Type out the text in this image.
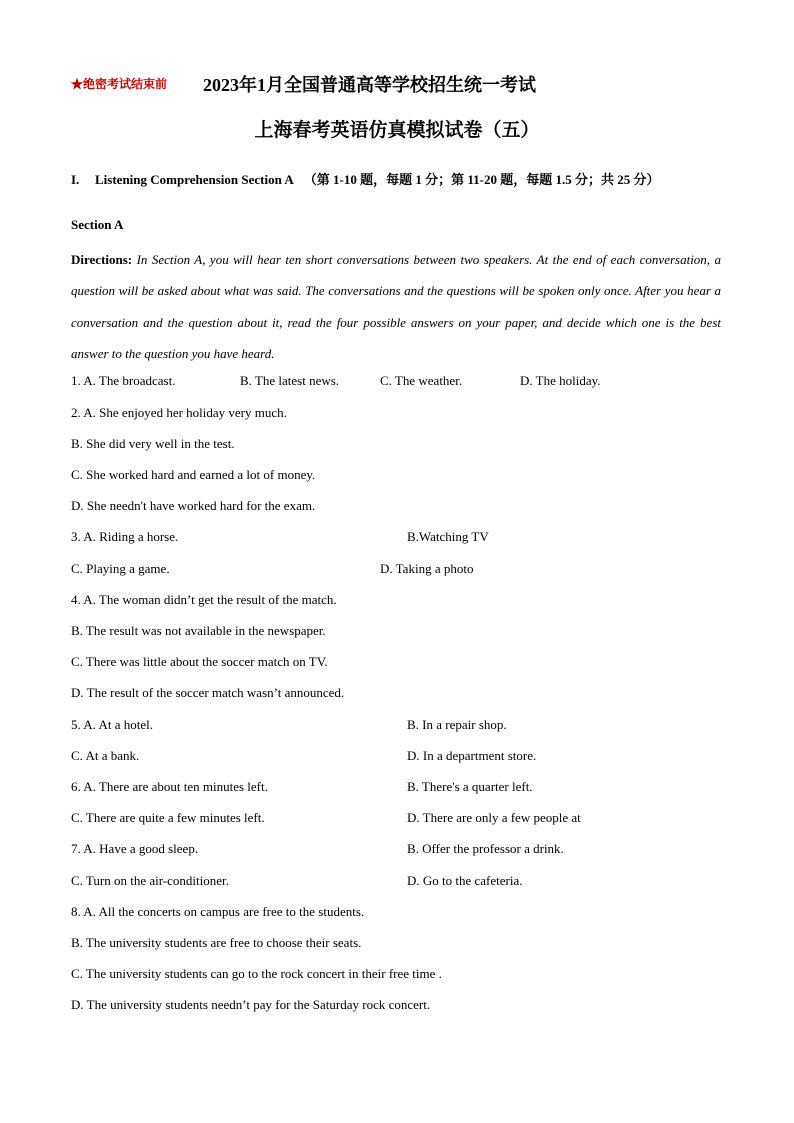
★绝密考试结束前 2023年1月全国普通高等学校招生统一考试
上海春考英语仿真模拟试卷（五）
I. Listening Comprehension Section A （第 1-10 题，每题 1 分；第 11-20 题，每题 1.5 分；共 25 分）
Section A
Directions: In Section A, you will hear ten short conversations between two speakers. At the end of each conversation, a question will be asked about what was said. The conversations and the questions will be spoken only once. After you hear a conversation and the question about it, read the four possible answers on your paper, and decide which one is the best answer to the question you have heard.
1. A. The broadcast.	B. The latest news.	C. The weather.	D. The holiday.
2. A. She enjoyed her holiday very much.
B. She did very well in the test.
C. She worked hard and earned a lot of money.
D. She needn't have worked hard for the exam.
3. A. Riding a horse.	B.Watching TV
C. Playing a game.	D. Taking a photo
4. A. The woman didn’t get the result of the match.
B. The result was not available in the newspaper.
C. There was little about the soccer match on TV.
D. The result of the soccer match wasn’t announced.
5. A. At a hotel.	B. In a repair shop.
C. At a bank.	D. In a department store.
6. A. There are about ten minutes left.	B. There's a quarter left.
C. There are quite a few minutes left.	D. There are only a few people at
7. A. Have a good sleep.	B. Offer the professor a drink.
C. Turn on the air-conditioner.	D. Go to the cafeteria.
8. A. All the concerts on campus are free to the students.
B. The university students are free to choose their seats.
C. The university students can go to the rock concert in their free time .
D. The university students needn’t pay for the Saturday rock concert.
